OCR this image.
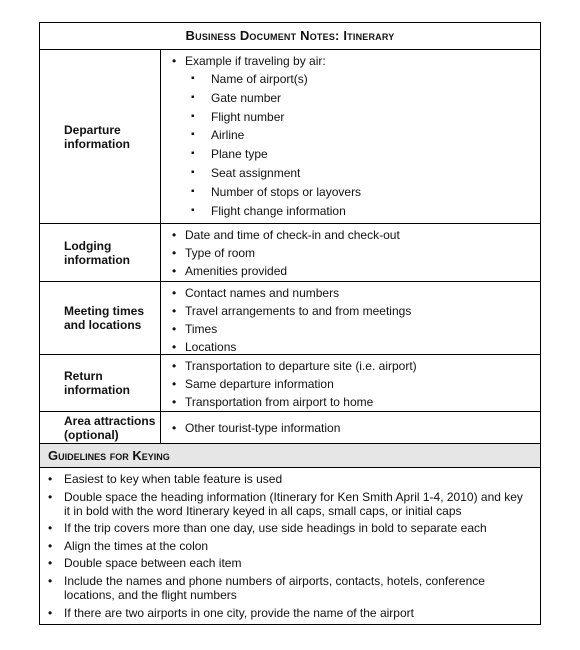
Business Document Notes: Itinerary
Departure
information
• Example if traveling by air:
▪ Name of airport(s)
▪ Gate number
▪ Flight number
▪ Airline
▪ Plane type
▪ Seat assignment
▪ Number of stops or layovers
▪ Flight change information
Lodging
information
• Date and time of check-in and check-out
• Type of room
• Amenities provided
Meeting times
and locations
• Contact names and numbers
• Travel arrangements to and from meetings
• Times
• Locations
Return
information
• Transportation to departure site (i.e. airport)
• Same departure information
• Transportation from airport to home
Area attractions
(optional)
•	Other tourist-type information
Guidelines for Keying
• Easiest to key when table feature is used
• Double space the heading information (Itinerary for Ken Smith April 1-4, 2010) and key it in bold with the word Itinerary keyed in all caps, small caps, or initial caps
• If the trip covers more than one day, use side headings in bold to separate each
• Align the times at the colon
• Double space between each item
• Include the names and phone numbers of airports, contacts, hotels, conference locations, and the flight numbers
• If there are two airports in one city, provide the name of the airport
